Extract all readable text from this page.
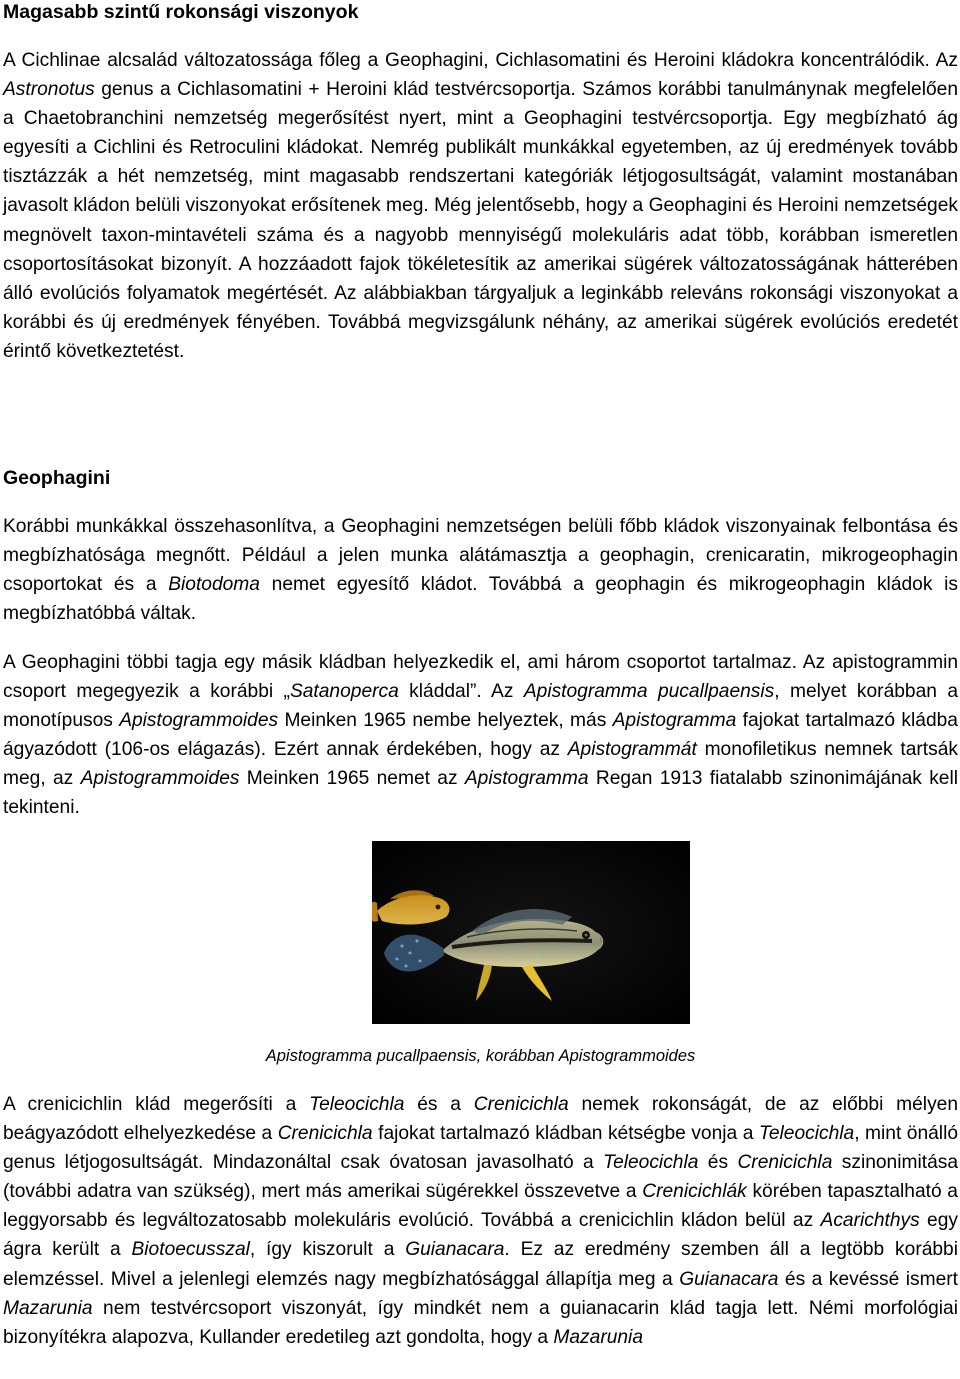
Magasabb szintű rokonsági viszonyok

A Cichlinae alcsalád változatossága főleg a Geophagini, Cichlasomatini és Heroini kládokra koncentrálódik. Az Astronotus genus a Cichlasomatini + Heroini klád testvércsoportja. Számos korábbi tanulmánynak megfelelően a Chaetobranchini nemzetség megerősítést nyert, mint a Geophagini testvércsoportja. Egy megbízható ág egyesíti a Cichlini és Retroculini kládokat. Nemrég publikált munkákkal egyetemben, az új eredmények tovább tisztázzák a hét nemzetség, mint magasabb rendszertani kategóriák létjogosultságát, valamint mostanában javasolt kládon belüli viszonyokat erősítenek meg. Még jelentősebb, hogy a Geophagini és Heroini nemzetségek megnövelt taxon-mintavételi száma és a nagyobb mennyiségű molekuláris adat több, korábban ismeretlen csoportosításokat bizonyít. A hozzáadott fajok tökéletesítik az amerikai sügérek változatosságának hátterében álló evolúciós folyamatok megértését. Az alábbiakban tárgyaljuk a leginkább releváns rokonsági viszonyokat a korábbi és új eredmények fényében. Továbbá megvizsgálunk néhány, az amerikai sügérek evolúciós eredetét érintő következtetést.

Geophagini

Korábbi munkákkal összehasonlítva, a Geophagini nemzetségen belüli főbb kládok viszonyainak felbontása és megbízhatósága megnőtt. Például a jelen munka alátámasztja a geophagin, crenicaratin, mikrogeophagin csoportokat és a Biotodoma nemet egyesítő kládot. Továbbá a geophagin és mikrogeophagin kládok is megbízhatóbbá váltak.

A Geophagini többi tagja egy másik kládban helyezkedik el, ami három csoportot tartalmaz. Az apistogrammin csoport megegyezik a korábbi „Satanoperca kláddal”. Az Apistogramma pucallpaensis, melyet korábban a monotípusos Apistogrammoides Meinken 1965 nembe helyeztek, más Apistogramma fajokat tartalmazó kládba ágyazódott (106-os elágazás). Ezért annak érdekében, hogy az Apistogrammát monofiletikus nemnek tartsák meg, az Apistogrammoides Meinken 1965 nemet az Apistogramma Regan 1913 fiatalabb szinonimájának kell tekinteni.

Apistogramma pucallpaensis, korábban Apistogrammoides

A crenicichlin klád megerősíti a Teleocichla és a Crenicichla nemek rokonságát, de az előbbi mélyen beágyazódott elhelyezkedése a Crenicichla fajokat tartalmazó kládban kétségbe vonja a Teleocichla, mint önálló genus létjogosultságát. Mindazonáltal csak óvatosan javasolható a Teleocichla és Crenicichla szinonimitása (további adatra van szükség), mert más amerikai sügérekkel összevetve a Crenicichlák körében tapasztalható a leggyorsabb és legváltozatosabb molekuláris evolúció. Továbbá a crenicichlin kládon belül az Acarichthys egy ágra került a Biotoecusszal, így kiszorult a Guianacara. Ez az eredmény szemben áll a legtöbb korábbi elemzéssel. Mivel a jelenlegi elemzés nagy megbízhatósággal állapítja meg a Guianacara és a kevéssé ismert Mazarunia nem testvércsoport viszonyát, így mindkét nem a guianacarin klád tagja lett. Némi morfológiai bizonyítékra alapozva, Kullander eredetileg azt gondolta, hogy a Mazarunia
